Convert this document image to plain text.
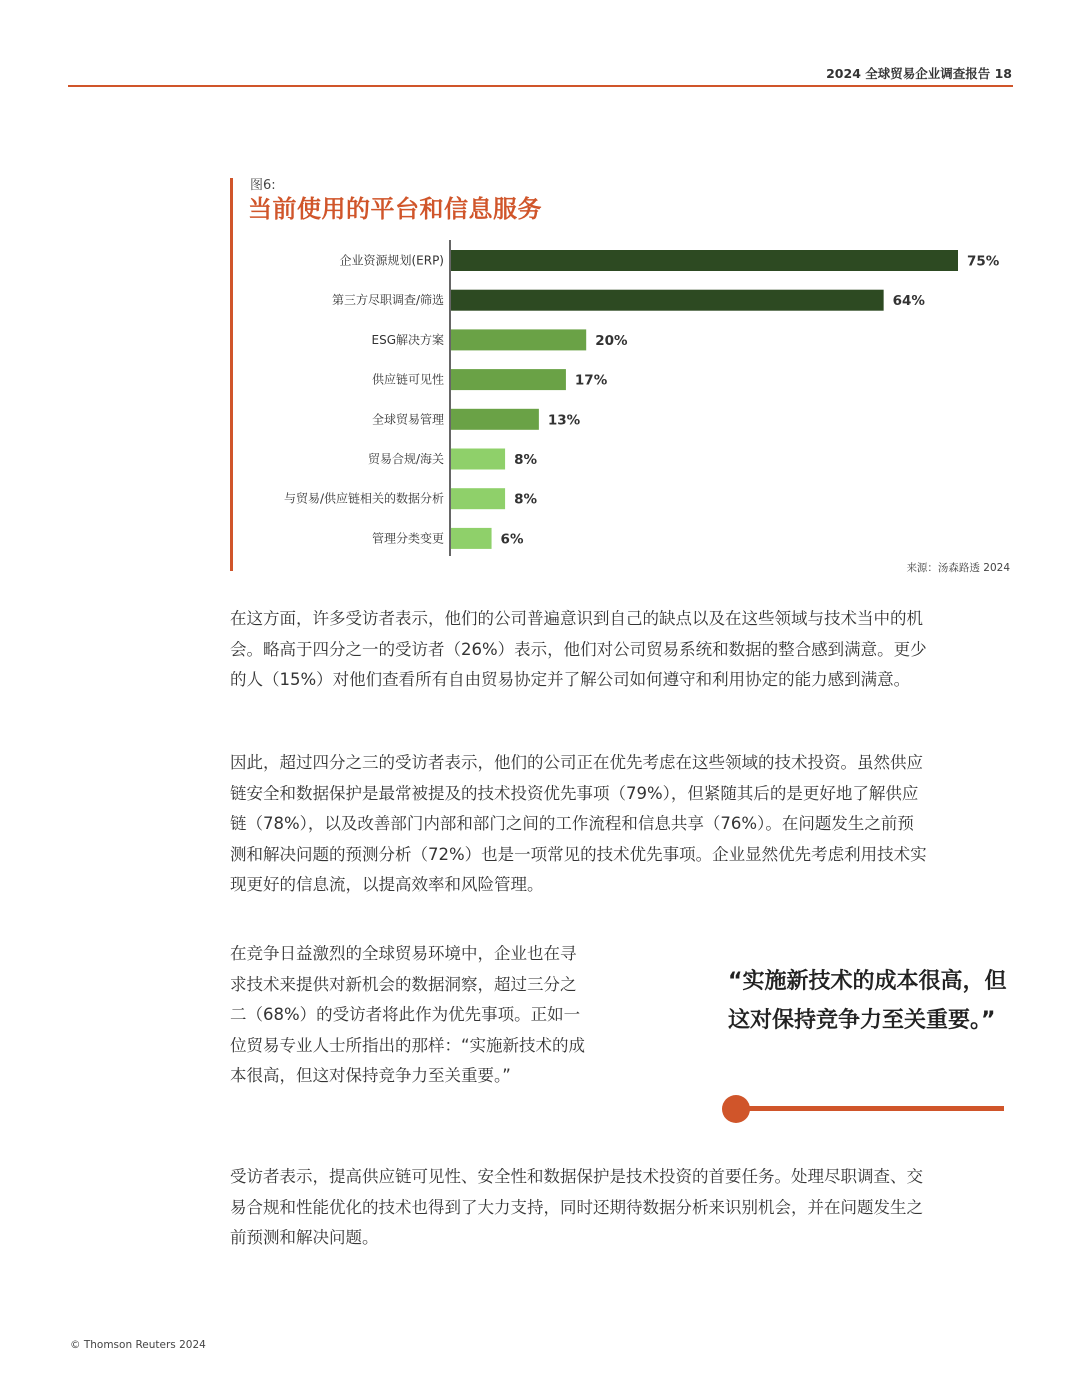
2024 全球贸易企业调查报告 18
图6:
当前使用的平台和信息服务
企业资源规划(ERP)	75%
第三方尽职调查/筛选	64%
ESG解决方案	20%
供应链可见性	17%
全球贸易管理	13%
贸易合规/海关	8%
与贸易/供应链相关的数据分析	8%
管理分类变更	6%
来源：汤森路透 2024
在这方面，许多受访者表示，他们的公司普遍意识到自己的缺点以及在这些领域与技术当中的机会。略高于四分之一的受访者（26%）表示，他们对公司贸易系统和数据的整合感到满意。更少的人（15%）对他们查看所有自由贸易协定并了解公司如何遵守和利用协定的能力感到满意。
因此，超过四分之三的受访者表示，他们的公司正在优先考虑在这些领域的技术投资。虽然供应链安全和数据保护是最常被提及的技术投资优先事项（79%），但紧随其后的是更好地了解供应链（78%），以及改善部门内部和部门之间的工作流程和信息共享（76%）。在问题发生之前预测和解决问题的预测分析（72%）也是一项常见的技术优先事项。企业显然优先考虑利用技术实现更好的信息流，以提高效率和风险管理。
在竞争日益激烈的全球贸易环境中，企业也在寻求技术来提供对新机会的数据洞察，超过三分之二（68%）的受访者将此作为优先事项。正如一位贸易专业人士所指出的那样：“实施新技术的成本很高，但这对保持竞争力至关重要。”
“实施新技术的成本很高，但这对保持竞争力至关重要。”
受访者表示，提高供应链可见性、安全性和数据保护是技术投资的首要任务。处理尽职调查、交易合规和性能优化的技术也得到了大力支持，同时还期待数据分析来识别机会，并在问题发生之前预测和解决问题。
© Thomson Reuters 2024
